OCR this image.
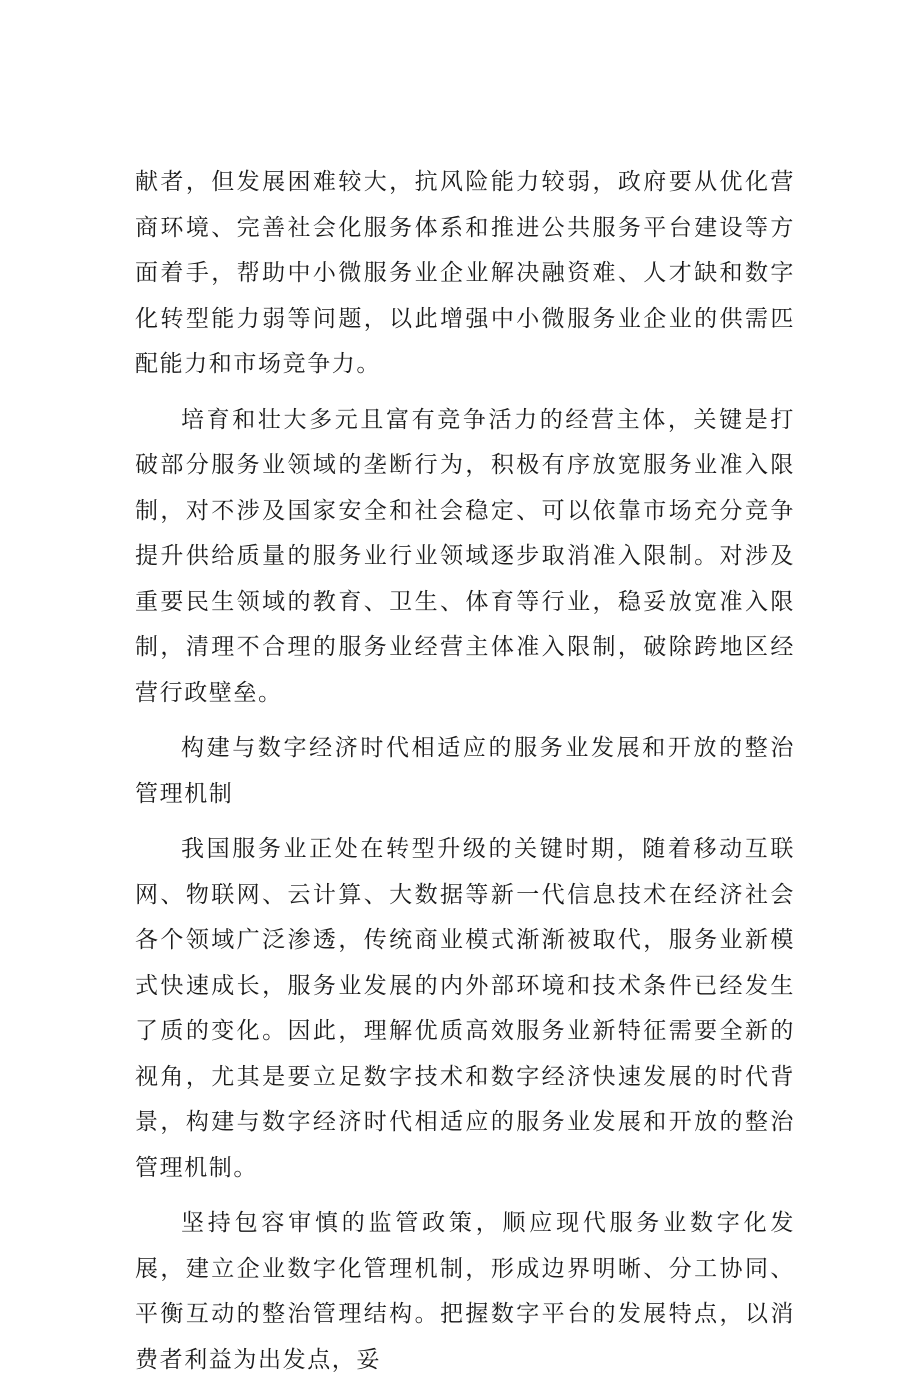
献者，但发展困难较大，抗风险能力较弱，政府要从优化营商环境、完善社会化服务体系和推进公共服务平台建设等方面着手，帮助中小微服务业企业解决融资难、人才缺和数字化转型能力弱等问题，以此增强中小微服务业企业的供需匹配能力和市场竞争力。

培育和壮大多元且富有竞争活力的经营主体，关键是打破部分服务业领域的垄断行为，积极有序放宽服务业准入限制，对不涉及国家安全和社会稳定、可以依靠市场充分竞争提升供给质量的服务业行业领域逐步取消准入限制。对涉及重要民生领域的教育、卫生、体育等行业，稳妥放宽准入限制，清理不合理的服务业经营主体准入限制，破除跨地区经营行政壁垒。

构建与数字经济时代相适应的服务业发展和开放的整治管理机制

我国服务业正处在转型升级的关键时期，随着移动互联网、物联网、云计算、大数据等新一代信息技术在经济社会各个领域广泛渗透，传统商业模式渐渐被取代，服务业新模式快速成长，服务业发展的内外部环境和技术条件已经发生了质的变化。因此，理解优质高效服务业新特征需要全新的视角，尤其是要立足数字技术和数字经济快速发展的时代背景，构建与数字经济时代相适应的服务业发展和开放的整治管理机制。

坚持包容审慎的监管政策，顺应现代服务业数字化发展，建立企业数字化管理机制，形成边界明晰、分工协同、平衡互动的整治管理结构。把握数字平台的发展特点，以消费者利益为出发点，妥
